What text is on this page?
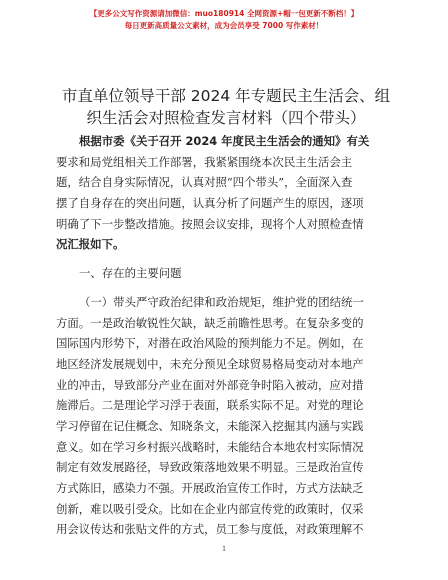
【更多公文写作资源请加微信：muo180914 全网资源+帽一包更新不断档！】
每日更新高质量公文素材，成为会员享受 7000 写作素材！
市直单位领导干部 2024 年专题民主生活会、组
织生活会对照检查发言材料（四个带头）
根据市委《关于召开 2024 年度民主生活会的通知》有关
要求和局党组相关工作部署，我紧紧围绕本次民主生活会主
题，结合自身实际情况，认真对照“四个带头”，全面深入查
摆了自身存在的突出问题，认真分析了问题产生的原因，逐项
明确了下一步整改措施。按照会议安排，现将个人对照检查情
况汇报如下。
一、存在的主要问题
（一）带头严守政治纪律和政治规矩，维护党的团结统一
方面。一是政治敏锐性欠缺，缺乏前瞻性思考。在复杂多变的
国际国内形势下，对潜在政治风险的预判能力不足。例如，在
地区经济发展规划中，未充分预见全球贸易格局变动对本地产
业的冲击，导致部分产业在面对外部竞争时陷入被动，应对措
施滞后。二是理论学习浮于表面，联系实际不足。对党的理论
学习停留在记住概念、知晓条文，未能深入挖掘其内涵与实践
意义。如在学习乡村振兴战略时，未能结合本地农村实际情况
制定有效发展路径，导致政策落地效果不明显。三是政治宣传
方式陈旧，感染力不强。开展政治宣传工作时，方式方法缺乏
创新，难以吸引受众。比如在企业内部宣传党的政策时，仅采
用会议传达和张贴文件的方式，员工参与度低，对政策理解不
1
